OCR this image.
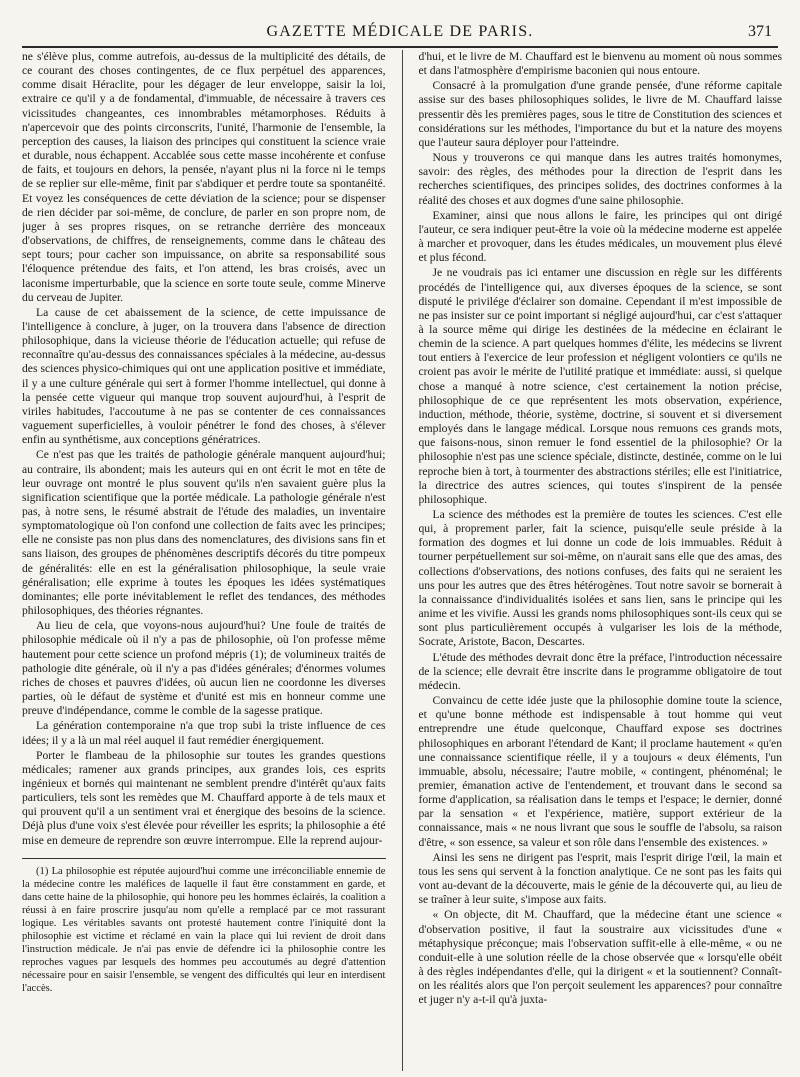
GAZETTE MÉDICALE DE PARIS.	371

ne s'élève plus, comme autrefois, au-dessus de la multiplicité des détails, de ce courant des choses contingentes, de ce flux perpétuel des apparences, comme disait Héraclite, pour les dégager de leur enveloppe, saisir la loi, extraire ce qu'il y a de fondamental, d'immuable, de nécessaire à travers ces vicissitudes changeantes, ces innombrables métamorphoses. Réduits à n'apercevoir que des points circonscrits, l'unité, l'harmonie de l'ensemble, la perception des causes, la liaison des principes qui constituent la science vraie et durable, nous échappent. Accablée sous cette masse incohérente et confuse de faits, et toujours en dehors, la pensée, n'ayant plus ni la force ni le temps de se replier sur elle-même, finit par s'abdiquer et perdre toute sa spontanéité. Et voyez les conséquences de cette déviation de la science; pour se dispenser de rien décider par soi-même, de conclure, de parler en son propre nom, de juger à ses propres risques, on se retranche derrière des monceaux d'observations, de chiffres, de renseignements, comme dans le château des sept tours; pour cacher son impuissance, on abrite sa responsabilité sous l'éloquence prétendue des faits, et l'on attend, les bras croisés, avec un laconisme imperturbable, que la science en sorte toute seule, comme Minerve du cerveau de Jupiter.

La cause de cet abaissement de la science, de cette impuissance de l'intelligence à conclure, à juger, on la trouvera dans l'absence de direction philosophique, dans la vicieuse théorie de l'éducation actuelle; qui refuse de reconnaître qu'au-dessus des connaissances spéciales à la médecine, au-dessus des sciences physico-chimiques qui ont une application positive et immédiate, il y a une culture générale qui sert à former l'homme intellectuel, qui donne à la pensée cette vigueur qui manque trop souvent aujourd'hui, à l'esprit de viriles habitudes, l'accoutume à ne pas se contenter de ces connaissances vaguement superficielles, à vouloir pénétrer le fond des choses, à s'élever enfin au synthétisme, aux conceptions génératrices.

Ce n'est pas que les traités de pathologie générale manquent aujourd'hui; au contraire, ils abondent; mais les auteurs qui en ont écrit le mot en tête de leur ouvrage ont montré le plus souvent qu'ils n'en savaient guère plus la signification scientifique que la portée médicale. La pathologie générale n'est pas, à notre sens, le résumé abstrait de l'étude des maladies, un inventaire symptomatologique où l'on confond une collection de faits avec les principes; elle ne consiste pas non plus dans des nomenclatures, des divisions sans fin et sans liaison, des groupes de phénomènes descriptifs décorés du titre pompeux de généralités: elle en est la généralisation philosophique, la seule vraie généralisation; elle exprime à toutes les époques les idées systématiques dominantes; elle porte inévitablement le reflet des tendances, des méthodes philosophiques, des théories régnantes.

Au lieu de cela, que voyons-nous aujourd'hui? Une foule de traités de philosophie médicale où il n'y a pas de philosophie, où l'on professe même hautement pour cette science un profond mépris (1); de volumineux traités de pathologie dite générale, où il n'y a pas d'idées générales; d'énormes volumes riches de choses et pauvres d'idées, où aucun lien ne coordonne les diverses parties, où le défaut de système et d'unité est mis en honneur comme une preuve d'indépendance, comme le comble de la sagesse pratique.

La génération contemporaine n'a que trop subi la triste influence de ces idées; il y a là un mal réel auquel il faut remédier énergiquement.

Porter le flambeau de la philosophie sur toutes les grandes questions médicales; ramener aux grands principes, aux grandes lois, ces esprits ingénieux et bornés qui maintenant ne semblent prendre d'intérêt qu'aux faits particuliers, tels sont les remèdes que M. Chauffard apporte à de tels maux et qui prouvent qu'il a un sentiment vrai et énergique des besoins de la science. Déjà plus d'une voix s'est élevée pour réveiller les esprits; la philosophie a été mise en demeure de reprendre son œuvre interrompue. Elle la reprend aujour-

(1) La philosophie est réputée aujourd'hui comme une irréconciliable ennemie de la médecine contre les maléfices de laquelle il faut être constamment en garde, et dans cette haine de la philosophie, qui honore peu les hommes éclairés, la coalition a réussi à en faire proscrire jusqu'au nom qu'elle a remplacé par ce mot rassurant logique. Les véritables savants ont protesté hautement contre l'iniquité dont la philosophie est victime et réclamé en vain la place qui lui revient de droit dans l'instruction médicale. Je n'ai pas envie de défendre ici la philosophie contre les reproches vagues par lesquels des hommes peu accoutumés au degré d'attention nécessaire pour en saisir l'ensemble, se vengent des difficultés qui leur en interdisent l'accès.

d'hui, et le livre de M. Chauffard est le bienvenu au moment où nous sommes et dans l'atmosphère d'empirisme baconien qui nous entoure.

Consacré à la promulgation d'une grande pensée, d'une réforme capitale assise sur des bases philosophiques solides, le livre de M. Chauffard laisse pressentir dès les premières pages, sous le titre de Constitution des sciences et considérations sur les méthodes, l'importance du but et la nature des moyens que l'auteur saura déployer pour l'atteindre.

Nous y trouverons ce qui manque dans les autres traités homonymes, savoir: des règles, des méthodes pour la direction de l'esprit dans les recherches scientifiques, des principes solides, des doctrines conformes à la réalité des choses et aux dogmes d'une saine philosophie.

Examiner, ainsi que nous allons le faire, les principes qui ont dirigé l'auteur, ce sera indiquer peut-être la voie où la médecine moderne est appelée à marcher et provoquer, dans les études médicales, un mouvement plus élevé et plus fécond.

Je ne voudrais pas ici entamer une discussion en règle sur les différents procédés de l'intelligence qui, aux diverses époques de la science, se sont disputé le privilége d'éclairer son domaine. Cependant il m'est impossible de ne pas insister sur ce point important si négligé aujourd'hui, car c'est s'attaquer à la source même qui dirige les destinées de la médecine en éclairant le chemin de la science. A part quelques hommes d'élite, les médecins se livrent tout entiers à l'exercice de leur profession et négligent volontiers ce qu'ils ne croient pas avoir le mérite de l'utilité pratique et immédiate: aussi, si quelque chose a manqué à notre science, c'est certainement la notion précise, philosophique de ce que représentent les mots observation, expérience, induction, méthode, théorie, système, doctrine, si souvent et si diversement employés dans le langage médical. Lorsque nous remuons ces grands mots, que faisons-nous, sinon remuer le fond essentiel de la philosophie? Or la philosophie n'est pas une science spéciale, distincte, destinée, comme on le lui reproche bien à tort, à tourmenter des abstractions stériles; elle est l'initiatrice, la directrice des autres sciences, qui toutes s'inspirent de la pensée philosophique.

La science des méthodes est la première de toutes les sciences. C'est elle qui, à proprement parler, fait la science, puisqu'elle seule préside à la formation des dogmes et lui donne un code de lois immuables. Réduit à tourner perpétuellement sur soi-même, on n'aurait sans elle que des amas, des collections d'observations, des notions confuses, des faits qui ne seraient les uns pour les autres que des êtres hétérogènes. Tout notre savoir se bornerait à la connaissance d'individualités isolées et sans lien, sans le principe qui les anime et les vivifie. Aussi les grands noms philosophiques sont-ils ceux qui se sont plus particulièrement occupés à vulgariser les lois de la méthode, Socrate, Aristote, Bacon, Descartes.

L'étude des méthodes devrait donc être la préface, l'introduction nécessaire de la science; elle devrait être inscrite dans le programme obligatoire de tout médecin.

Convaincu de cette idée juste que la philosophie domine toute la science, et qu'une bonne méthode est indispensable à tout homme qui veut entreprendre une étude quelconque, Chauffard expose ses doctrines philosophiques en arborant l'étendard de Kant; il proclame hautement « qu'en une connaissance scientifique réelle, il y a toujours « deux éléments, l'un immuable, absolu, nécessaire; l'autre mobile, « contingent, phénoménal; le premier, émanation active de l'entendement, et trouvant dans le second sa forme d'application, sa réalisation dans le temps et l'espace; le dernier, donné par la sensation « et l'expérience, matière, support extérieur de la connaissance, mais « ne nous livrant que sous le souffle de l'absolu, sa raison d'être, « son essence, sa valeur et son rôle dans l'ensemble des existences. »

Ainsi les sens ne dirigent pas l'esprit, mais l'esprit dirige l'œil, la main et tous les sens qui servent à la fonction analytique. Ce ne sont pas les faits qui vont au-devant de la découverte, mais le génie de la découverte qui, au lieu de se traîner à leur suite, s'impose aux faits.

« On objecte, dit M. Chauffard, que la médecine étant une science « d'observation positive, il faut la soustraire aux vicissitudes d'une « métaphysique préconçue; mais l'observation suffit-elle à elle-même, « ou ne conduit-elle à une solution réelle de la chose observée que « lorsqu'elle obéit à des règles indépendantes d'elle, qui la dirigent « et la soutiennent? Connaît-on les réalités alors que l'on perçoit seulement les apparences? pour connaître et juger n'y a-t-il qu'à juxta-
